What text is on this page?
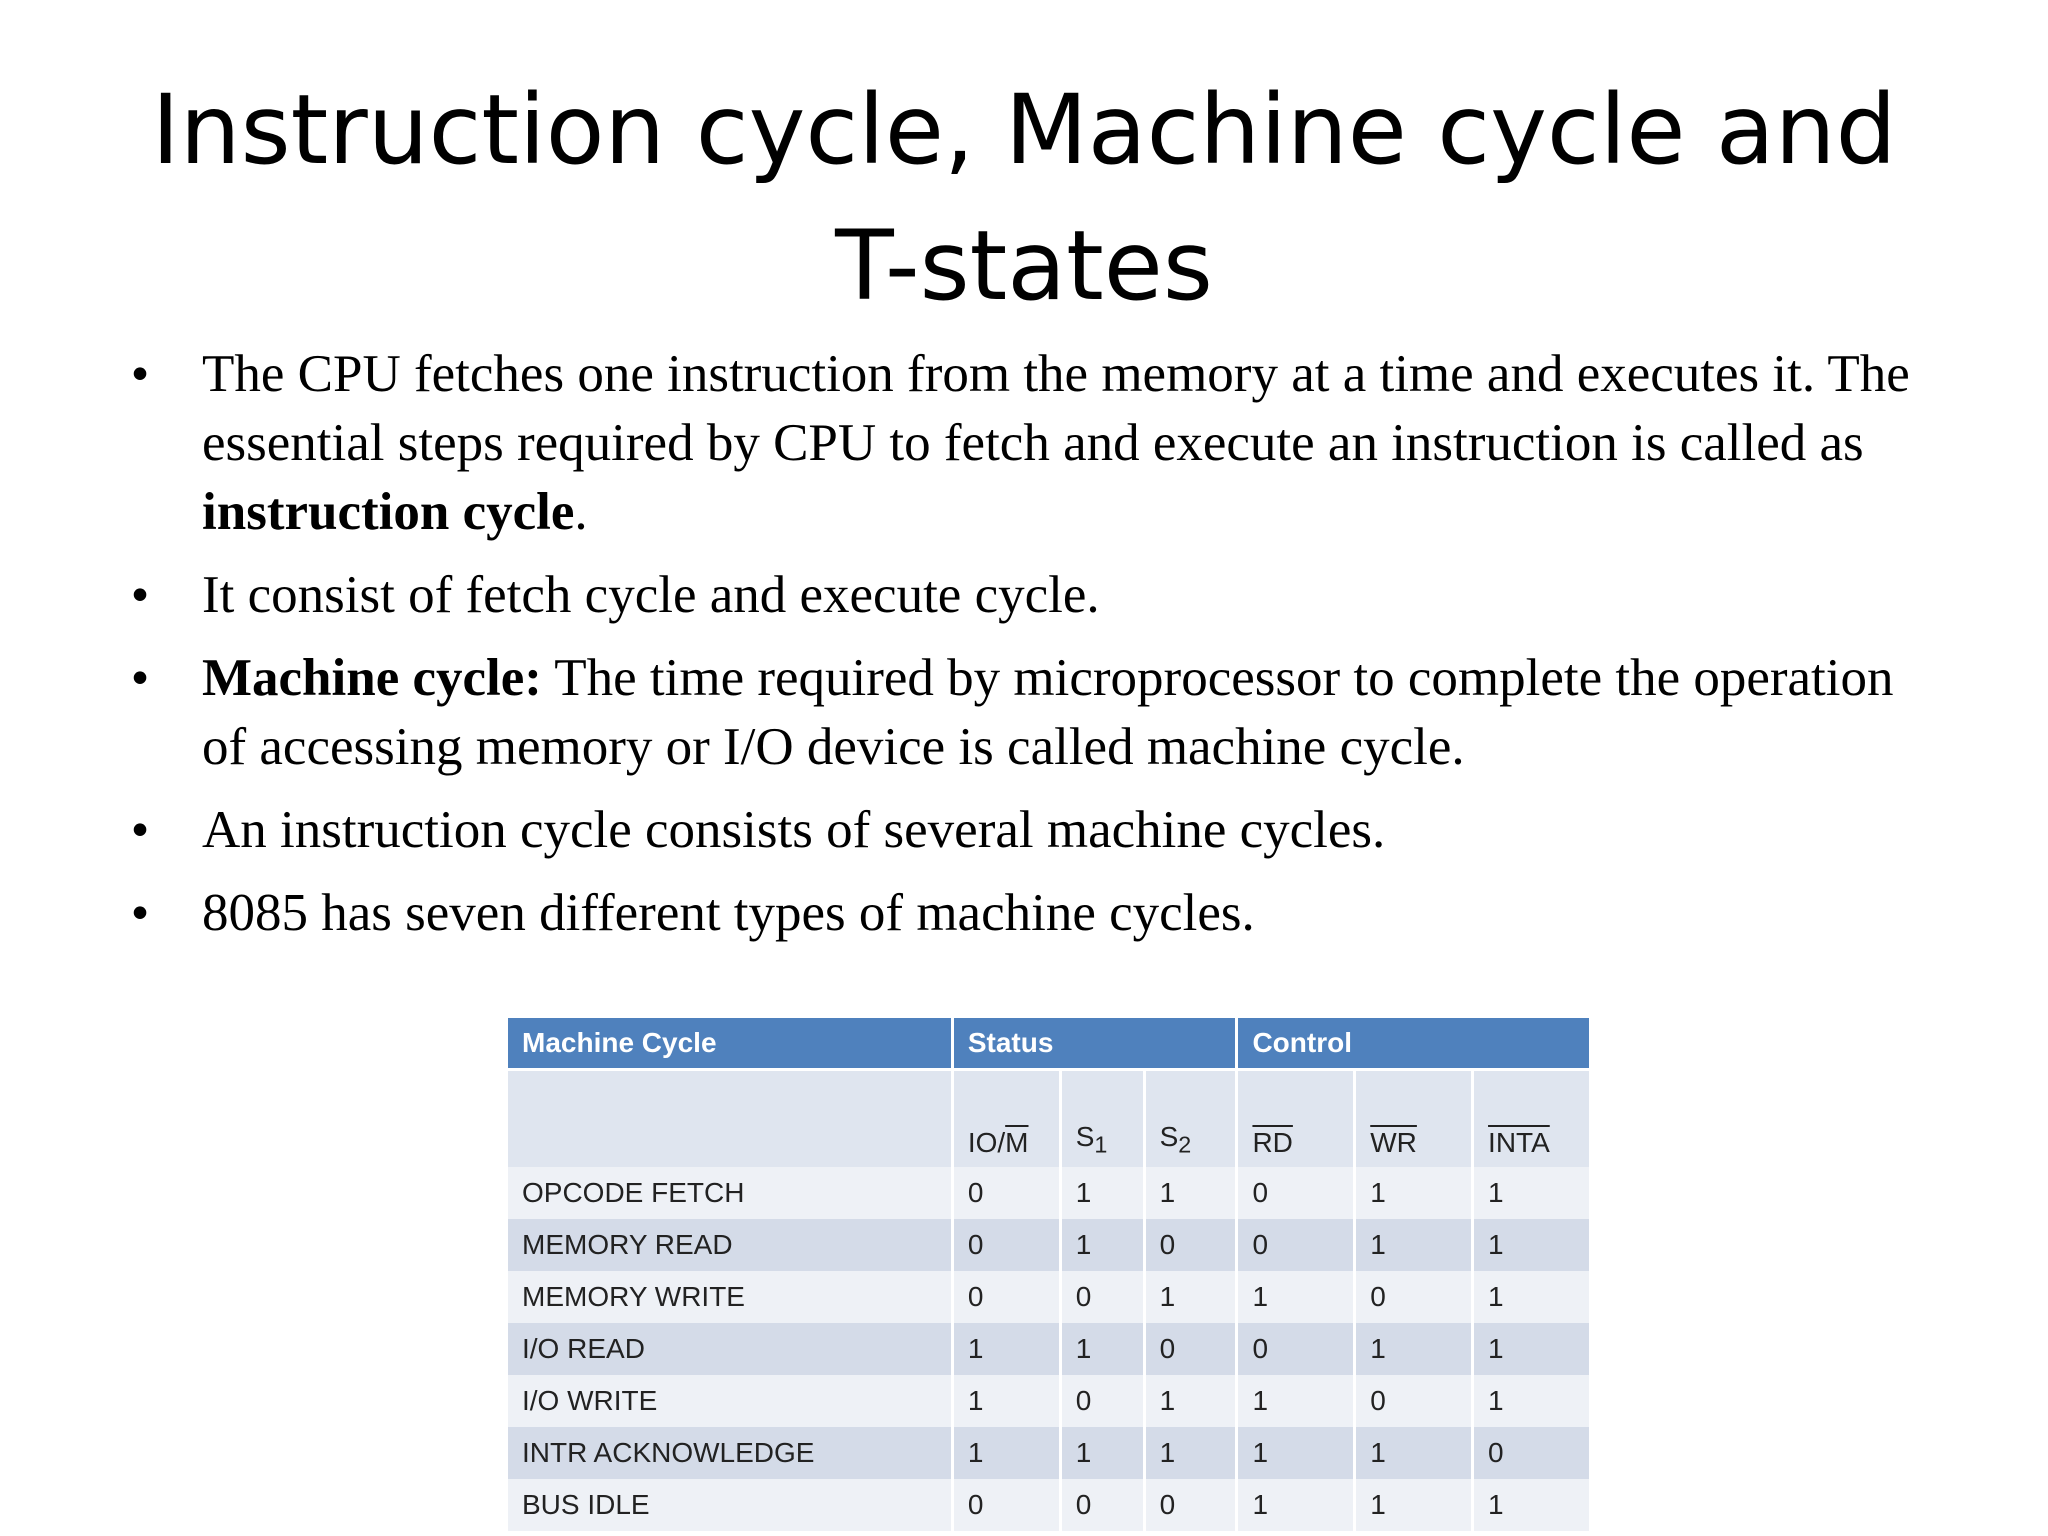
Instruction cycle, Machine cycle and T-states
• The CPU fetches one instruction from the memory at a time and executes it. The essential steps required by CPU to fetch and execute an instruction is called as instruction cycle.
• It consist of fetch cycle and execute cycle.
• Machine cycle: The time required by microprocessor to complete the operation of accessing memory or I/O device is called machine cycle.
• An instruction cycle consists of several machine cycles.
• 8085 has seven different types of machine cycles.
Machine Cycle	Status			Control		
	$IO/\overline{M}$	$S_1$	$S_2$	$\overline{RD}$	$\overline{WR}$	INTA
OPCODE FETCH	0	1	1	0	1	1
MEMORY READ	0	1	0	0	1	1
MEMORY WRITE	0	0	1	1	0	1
I/O READ	1	1	0	0	1	1
I/O WRITE	1	0	1	1	0	1
INTR ACKNOWLEDGE	1	1	1	1	1	0
BUS IDLE	0	0	0	1	1	1
